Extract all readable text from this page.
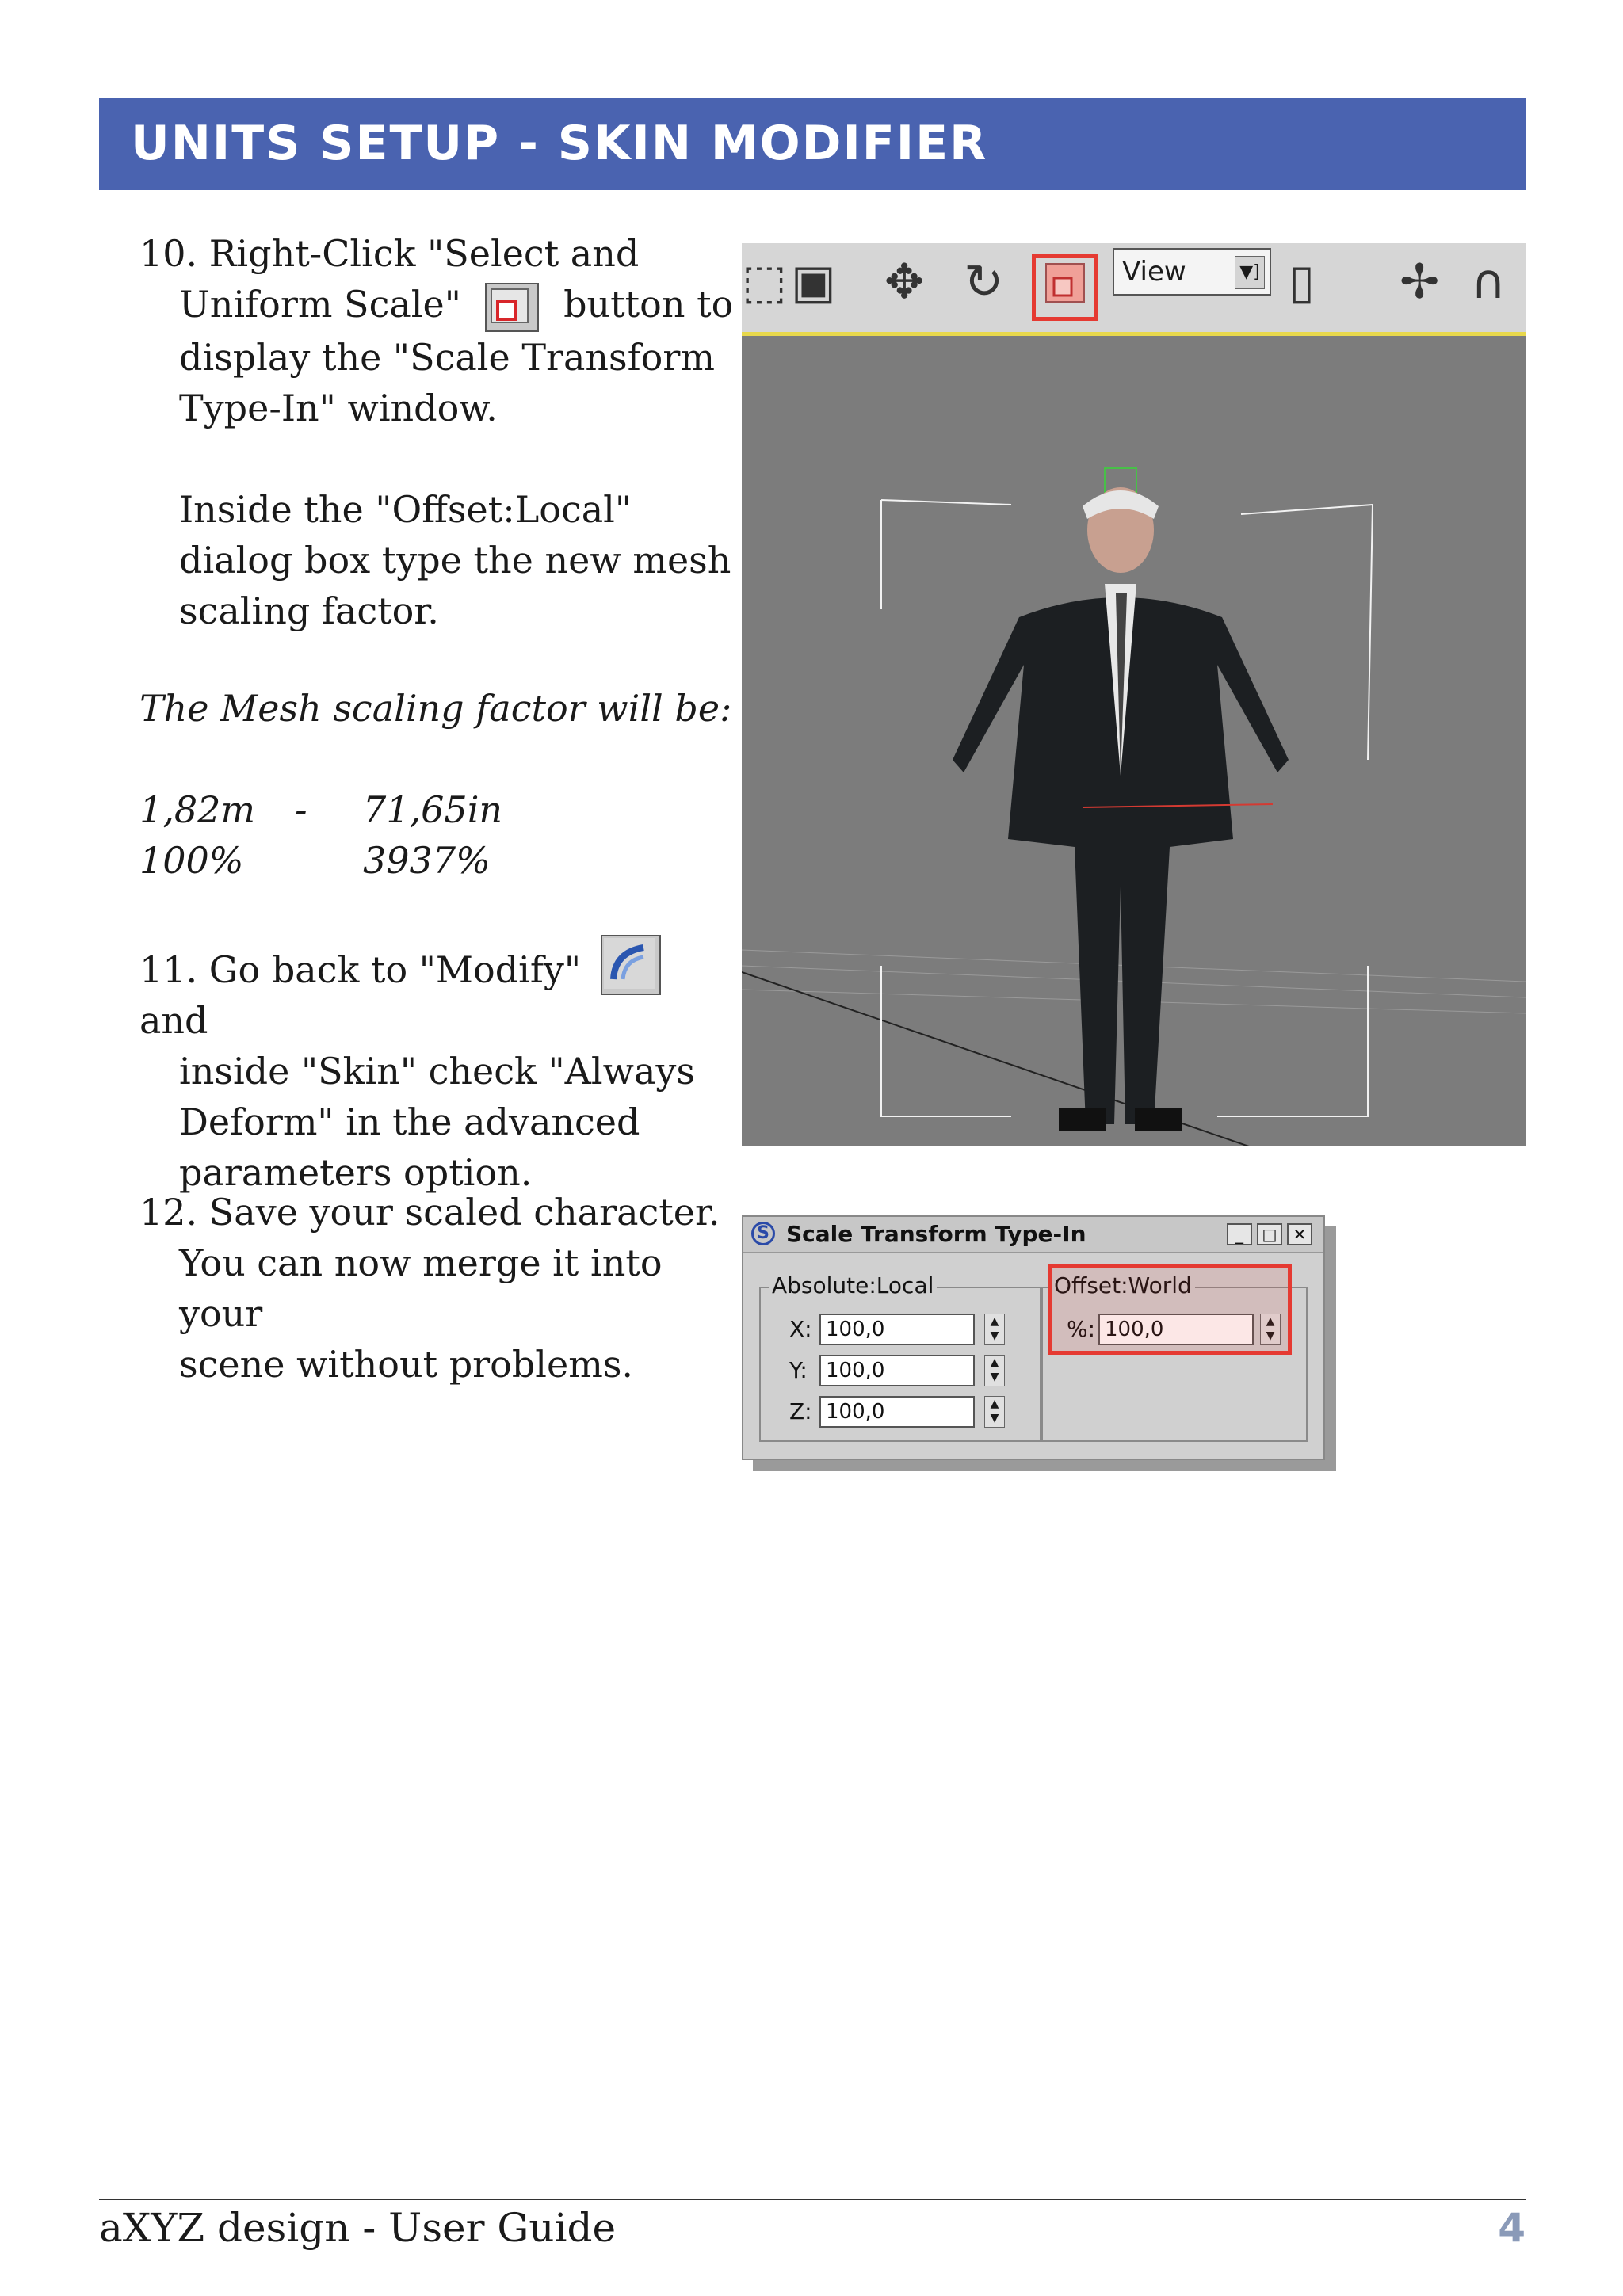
UNITS SETUP - SKIN MODIFIER
10. Right-Click "Select and
Uniform Scale"	button to
display the "Scale Transform
Type-In" window.
Inside the "Offset:Local"
dialog box type the new mesh
scaling factor.
The Mesh scaling factor will be:
1,82m - 71,65in
100%	3937%
11. Go back to "Modify"
and
inside "Skin" check "Always
Deform" in the advanced
parameters option.
12. Save your scaled character.
You can now merge it into your
scene without problems.
⬚ ▣ ✥ ↻	View	▼] ▯ ✢ ∩
S Scale Transform Type-In	_	□	✕
Absolute:Local
X: 100,0	▲
▼
Y: 100,0	▲
▼
Z: 100,0	▲
▼
Offset:World
%: 100,0	▲
▼
aXYZ design - User Guide	4
